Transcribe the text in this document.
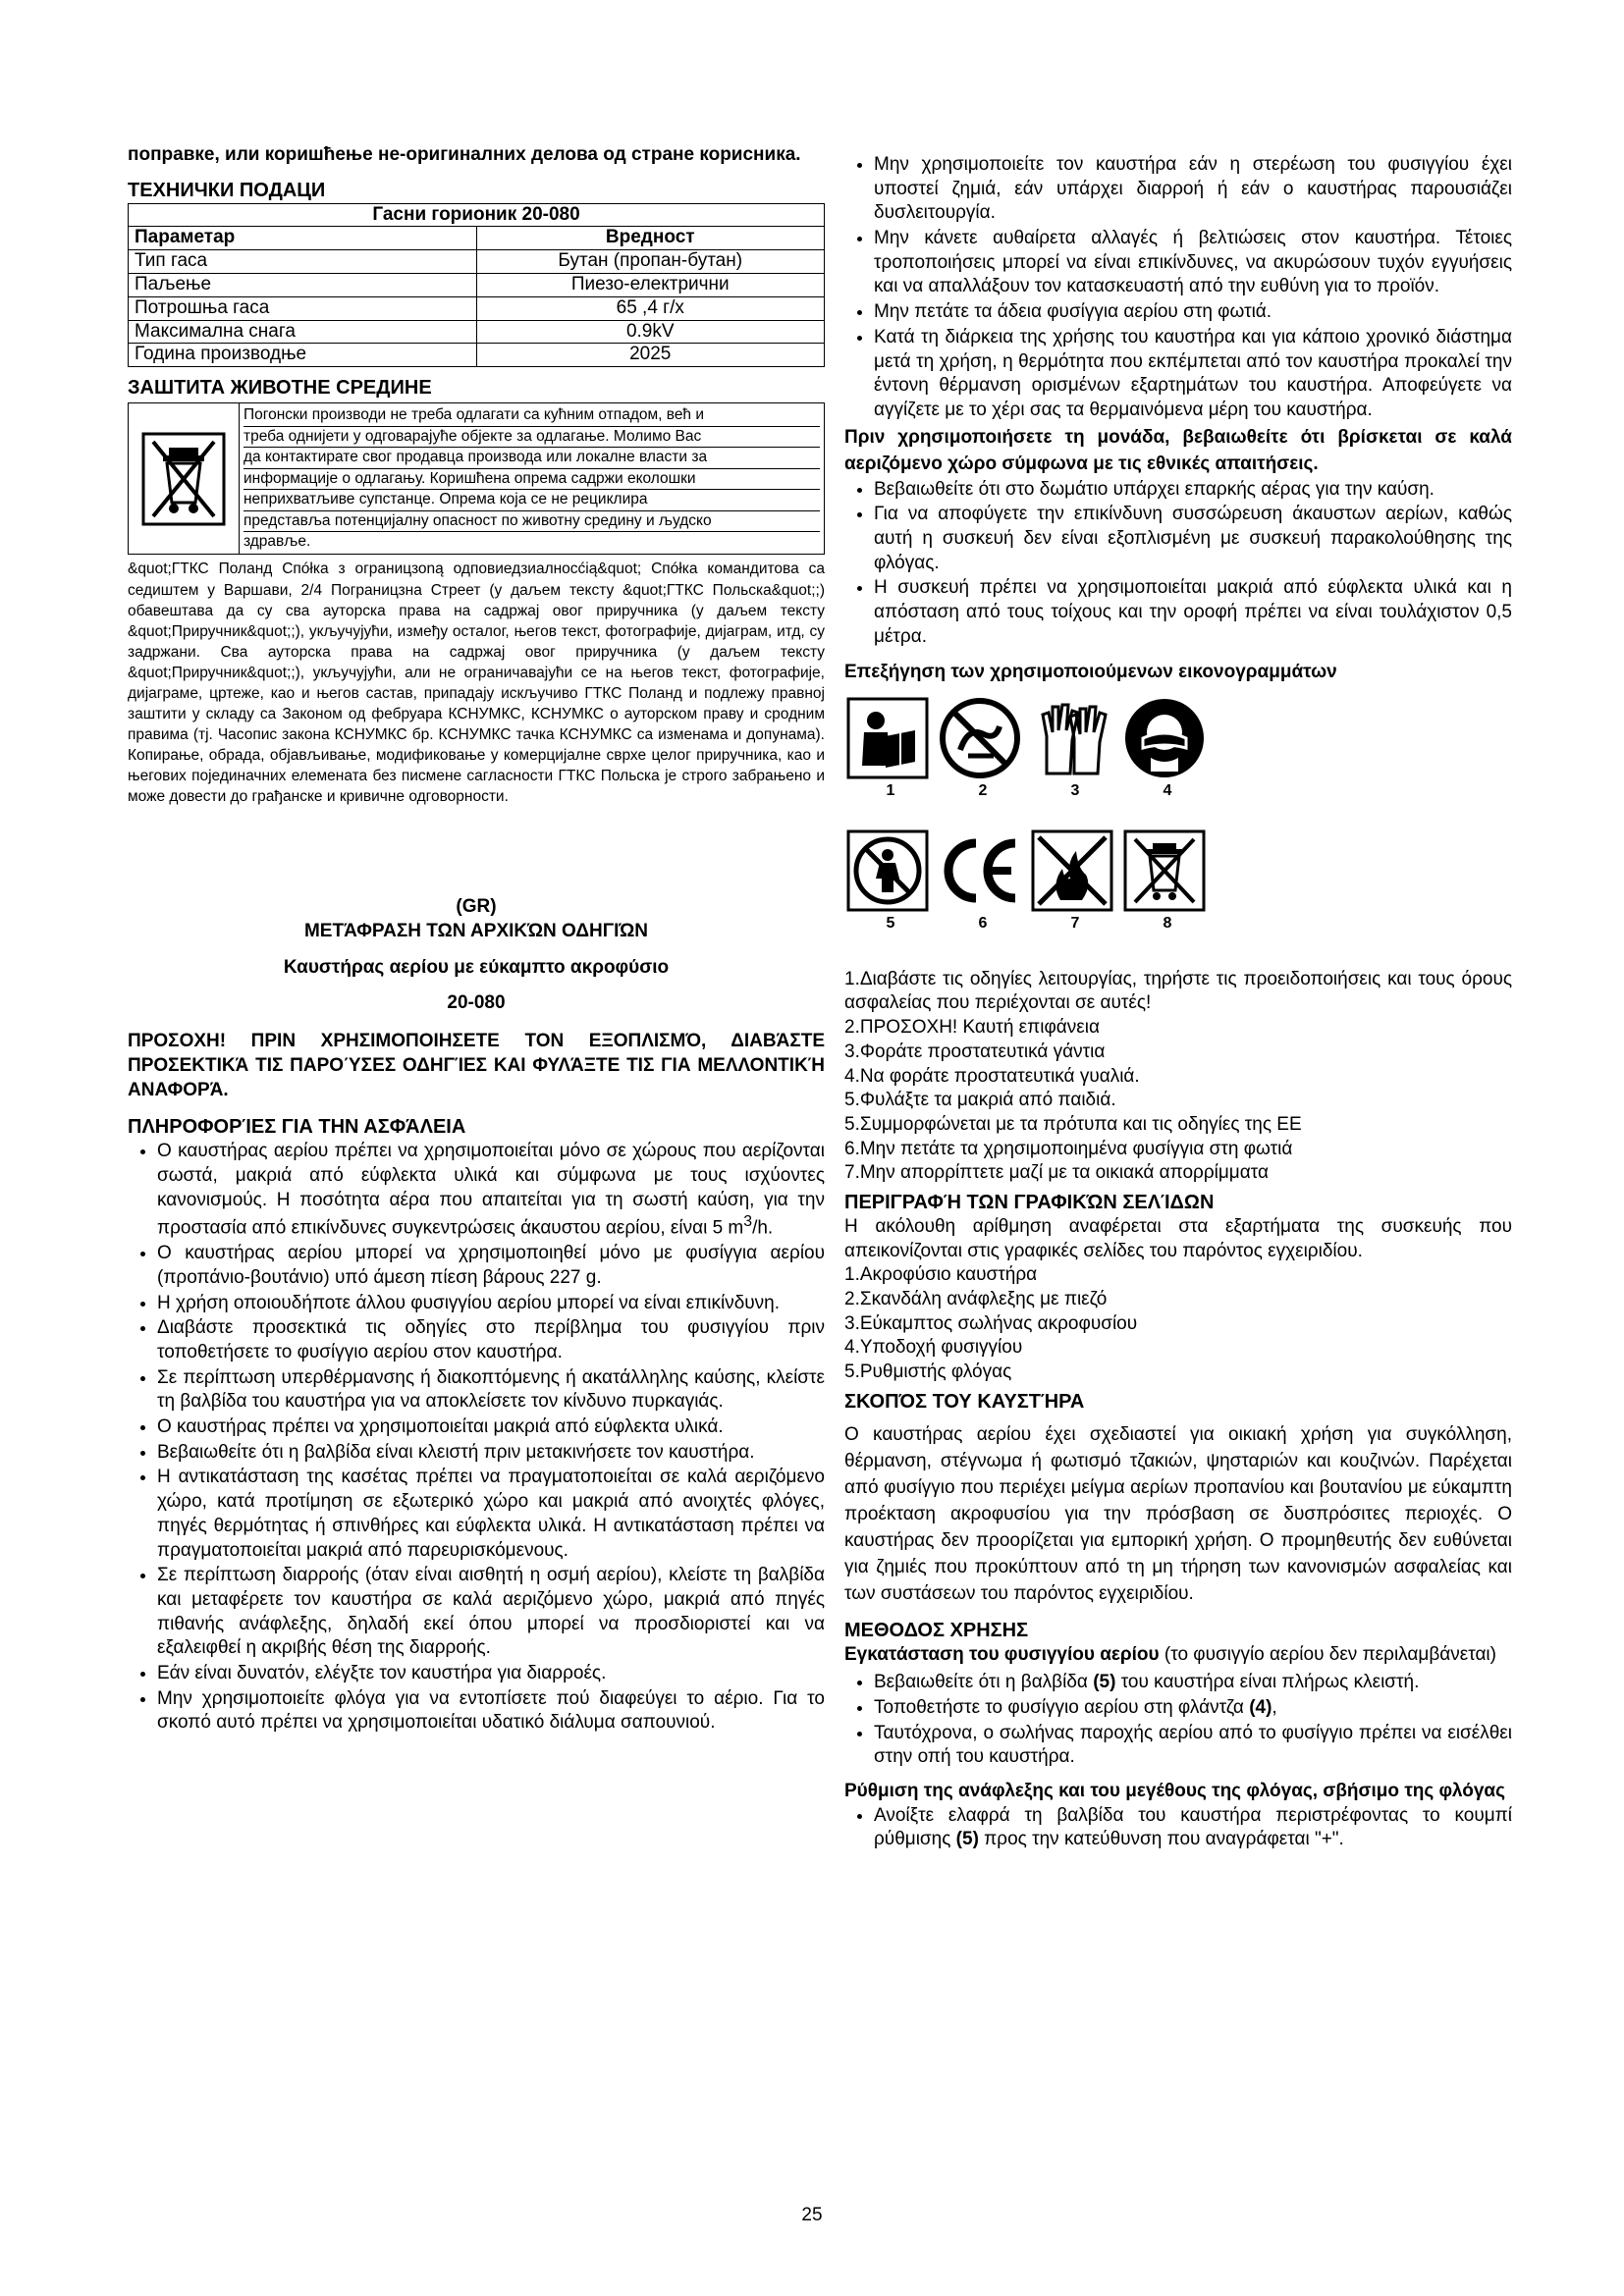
поправке, или коришћење не-оригиналних делова од стране корисника.

ТЕХНИЧКИ ПОДАЦИ

Гасни горионик 20-080	
Параметар	Вредност
Тип гаса	Бутан (пропан-бутан)
Паљење	Пиезо-електрични
Потрошња гаса	65 ,4 г/х
Максимална снага	0.9kV
Година производње	2025

ЗАШТИТА ЖИВОТНЕ СРЕДИНЕ

Погонски производи не треба одлагати са кућним отпадом, већ и
треба однијети у одговарајуће објекте за одлагање. Молимо Вас
да контактирате свог продавца производа или локалне власти за
информације о одлагању. Коришћена опрема садржи еколошки
неприхватљиве супстанце. Опрема која се не рециклира
представља потенцијалну опасност по животну средину и људско
здравље.

&quot;ГТКС Поланд Спółка з ограницзоną одповиедзиалносćią&quot; Спółка командитова са седиштем у Варшави, 2/4 Пограницзна Стреет (у даљем тексту &quot;ГТКС Польска&quot;;) обавештава да су сва ауторска права на садржај овог приручника (у даљем тексту &quot;Приручник&quot;;), укључујући, између осталог, његов текст, фотографије, дијаграм, итд, су задржани. Сва ауторска права на садржај овог приручника (у даљем тексту &quot;Приручник&quot;;), укључујући, али не ограничавајући се на његов текст, фотографије, дијаграме, цртеже, као и његов састав, припадају искључиво ГТКС Поланд и подлежу правној заштити у складу са Законом од фебруара КСНУМКС, КСНУМКС о ауторском праву и сродним правима (тј. Часопис закона КСНУМКС бр. КСНУМКС тачка КСНУМКС са изменама и допунама). Копирање, обрада, објављивање, модификовање у комерцијалне сврхе целог приручника, као и његових појединачних елемената без писмене сагласности ГТКС Польска је строго забрањено и може довести до грађанске и кривичне одговорности.

(GR)

ΜΕΤΆΦΡΑΣΗ ΤΩΝ ΑΡΧΙΚΏΝ ΟΔΗΓΙΏΝ

Καυστήρας αερίου με εύκαμπτο ακροφύσιο

20-080

ΠΡΟΣΟΧΗ! ΠΡΙΝ ΧΡΗΣΙΜΟΠΟΙΗΣΕΤΕ ΤΟΝ ΕΞΟΠΛΙΣΜΌ, ΔΙΑΒΆΣΤΕ ΠΡΟΣΕΚΤΙΚΆ ΤΙΣ ΠΑΡΟΎΣΕΣ ΟΔΗΓΊΕΣ ΚΑΙ ΦΥΛΆΞΤΕ ΤΙΣ ΓΙΑ ΜΕΛΛΟΝΤΙΚΉ ΑΝΑΦΟΡΆ.

ΠΛΗΡΟΦΟΡΊΕΣ ΓΙΑ ΤΗΝ ΑΣΦΆΛΕΙΑ

• Ο καυστήρας αερίου πρέπει να χρησιμοποιείται μόνο σε χώρους που αερίζονται σωστά, μακριά από εύφλεκτα υλικά και σύμφωνα με τους ισχύοντες κανονισμούς. Η ποσότητα αέρα που απαιτείται για τη σωστή καύση, για την προστασία από επικίνδυνες συγκεντρώσεις άκαυστου αερίου, είναι 5 $m^3/h$.
• Ο καυστήρας αερίου μπορεί να χρησιμοποιηθεί μόνο με φυσίγγια αερίου (προπάνιο-βουτάνιο) υπό άμεση πίεση βάρους 227 g.
• Η χρήση οποιουδήποτε άλλου φυσιγγίου αερίου μπορεί να είναι επικίνδυνη.
• Διαβάστε προσεκτικά τις οδηγίες στο περίβλημα του φυσιγγίου πριν τοποθετήσετε το φυσίγγιο αερίου στον καυστήρα.
• Σε περίπτωση υπερθέρμανσης ή διακοπτόμενης ή ακατάλληλης καύσης, κλείστε τη βαλβίδα του καυστήρα για να αποκλείσετε τον κίνδυνο πυρκαγιάς.
• Ο καυστήρας πρέπει να χρησιμοποιείται μακριά από εύφλεκτα υλικά.
• Βεβαιωθείτε ότι η βαλβίδα είναι κλειστή πριν μετακινήσετε τον καυστήρα.
• Η αντικατάσταση της κασέτας πρέπει να πραγματοποιείται σε καλά αεριζόμενο χώρο, κατά προτίμηση σε εξωτερικό χώρο και μακριά από ανοιχτές φλόγες, πηγές θερμότητας ή σπινθήρες και εύφλεκτα υλικά. Η αντικατάσταση πρέπει να πραγματοποιείται μακριά από παρευρισκόμενους.
• Σε περίπτωση διαρροής (όταν είναι αισθητή η οσμή αερίου), κλείστε τη βαλβίδα και μεταφέρετε τον καυστήρα σε καλά αεριζόμενο χώρο, μακριά από πηγές πιθανής ανάφλεξης, δηλαδή εκεί όπου μπορεί να προσδιοριστεί και να εξαλειφθεί η ακριβής θέση της διαρροής.
• Εάν είναι δυνατόν, ελέγξτε τον καυστήρα για διαρροές.
• Μην χρησιμοποιείτε φλόγα για να εντοπίσετε πού διαφεύγει το αέριο. Για το σκοπό αυτό πρέπει να χρησιμοποιείται υδατικό διάλυμα σαπουνιού.
• Μην χρησιμοποιείτε τον καυστήρα εάν η στερέωση του φυσιγγίου έχει υποστεί ζημιά, εάν υπάρχει διαρροή ή εάν ο καυστήρας παρουσιάζει δυσλειτουργία.
• Μην κάνετε αυθαίρετα αλλαγές ή βελτιώσεις στον καυστήρα. Τέτοιες τροποποιήσεις μπορεί να είναι επικίνδυνες, να ακυρώσουν τυχόν εγγυήσεις και να απαλλάξουν τον κατασκευαστή από την ευθύνη για το προϊόν.
• Μην πετάτε τα άδεια φυσίγγια αερίου στη φωτιά.
• Κατά τη διάρκεια της χρήσης του καυστήρα και για κάποιο χρονικό διάστημα μετά τη χρήση, η θερμότητα που εκπέμπεται από τον καυστήρα προκαλεί την έντονη θέρμανση ορισμένων εξαρτημάτων του καυστήρα. Αποφεύγετε να αγγίζετε με το χέρι σας τα θερμαινόμενα μέρη του καυστήρα.

Πριν χρησιμοποιήσετε τη μονάδα, βεβαιωθείτε ότι βρίσκεται σε καλά αεριζόμενο χώρο σύμφωνα με τις εθνικές απαιτήσεις.

• Βεβαιωθείτε ότι στο δωμάτιο υπάρχει επαρκής αέρας για την καύση.
• Για να αποφύγετε την επικίνδυνη συσσώρευση άκαυστων αερίων, καθώς αυτή η συσκευή δεν είναι εξοπλισμένη με συσκευή παρακολούθησης της φλόγας.
• Η συσκευή πρέπει να χρησιμοποιείται μακριά από εύφλεκτα υλικά και η απόσταση από τους τοίχους και την οροφή πρέπει να είναι τουλάχιστον 0,5 μέτρα.

Επεξήγηση των χρησιμοποιούμενων εικονογραμμάτων

1	2	3	4
5	6	7	8

1.Διαβάστε τις οδηγίες λειτουργίας, τηρήστε τις προειδοποιήσεις και τους όρους ασφαλείας που περιέχονται σε αυτές!

2.ΠΡΟΣΟΧΗ! Καυτή επιφάνεια

3.Φοράτε προστατευτικά γάντια

4.Να φοράτε προστατευτικά γυαλιά.

5.Φυλάξτε τα μακριά από παιδιά.

5.Συμμορφώνεται με τα πρότυπα και τις οδηγίες της ΕΕ

6.Μην πετάτε τα χρησιμοποιημένα φυσίγγια στη φωτιά

7.Μην απορρίπτετε μαζί με τα οικιακά απορρίμματα

ΠΕΡΙΓΡΑΦΉ ΤΩΝ ΓΡΑΦΙΚΏΝ ΣΕΛΊΔΩΝ

Η ακόλουθη αρίθμηση αναφέρεται στα εξαρτήματα της συσκευής που απεικονίζονται στις γραφικές σελίδες του παρόντος εγχειριδίου.

1.Ακροφύσιο καυστήρα

2.Σκανδάλη ανάφλεξης με πιεζό

3.Εύκαμπτος σωλήνας ακροφυσίου

4.Υποδοχή φυσιγγίου

5.Ρυθμιστής φλόγας

ΣΚΟΠΌΣ ΤΟΥ ΚΑΥΣΤΉΡΑ

Ο καυστήρας αερίου έχει σχεδιαστεί για οικιακή χρήση για συγκόλληση, θέρμανση, στέγνωμα ή φωτισμό τζακιών, ψησταριών και κουζινών. Παρέχεται από φυσίγγιο που περιέχει μείγμα αερίων προπανίου και βουτανίου με εύκαμπτη προέκταση ακροφυσίου για την πρόσβαση σε δυσπρόσιτες περιοχές. Ο καυστήρας δεν προορίζεται για εμπορική χρήση. Ο προμηθευτής δεν ευθύνεται για ζημιές που προκύπτουν από τη μη τήρηση των κανονισμών ασφαλείας και των συστάσεων του παρόντος εγχειριδίου.

ΜΕΘΟΔΟΣ ΧΡΗΣΗΣ

Εγκατάσταση του φυσιγγίου αερίου (το φυσιγγίο αερίου δεν περιλαμβάνεται)

• Βεβαιωθείτε ότι η βαλβίδα (5) του καυστήρα είναι πλήρως κλειστή.
• Τοποθετήστε το φυσίγγιο αερίου στη φλάντζα (4),
• Ταυτόχρονα, ο σωλήνας παροχής αερίου από το φυσίγγιο πρέπει να εισέλθει στην οπή του καυστήρα.

Ρύθμιση της ανάφλεξης και του μεγέθους της φλόγας, σβήσιμο της φλόγας

• Ανοίξτε ελαφρά τη βαλβίδα του καυστήρα περιστρέφοντας το κουμπί ρύθμισης (5) προς την κατεύθυνση που αναγράφεται "+".
25
